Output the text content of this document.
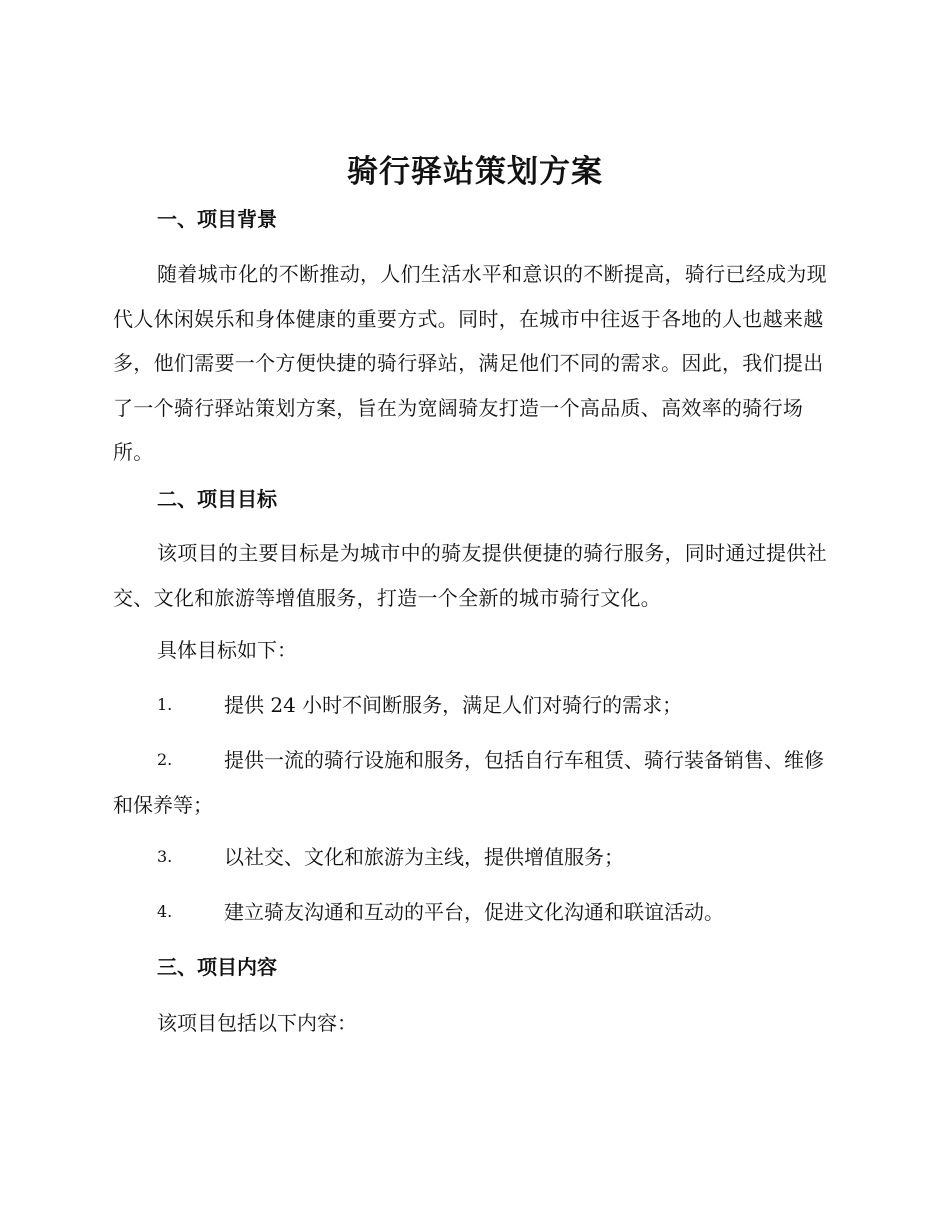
骑行驿站策划方案
一、项目背景

随着城市化的不断推动，人们生活水平和意识的不断提高，骑行已经成为现代人休闲娱乐和身体健康的重要方式。同时，在城市中往返于各地的人也越来越多，他们需要一个方便快捷的骑行驿站，满足他们不同的需求。因此，我们提出了一个骑行驿站策划方案，旨在为宽阔骑友打造一个高品质、高效率的骑行场所。

二、项目目标

该项目的主要目标是为城市中的骑友提供便捷的骑行服务，同时通过提供社交、文化和旅游等增值服务，打造一个全新的城市骑行文化。

具体目标如下：

1.	提供 24 小时不间断服务，满足人们对骑行的需求；
2.	提供一流的骑行设施和服务，包括自行车租赁、骑行装备销售、维修和保养等；
3.	以社交、文化和旅游为主线，提供增值服务；
4.	建立骑友沟通和互动的平台，促进文化沟通和联谊活动。
三、项目内容

该项目包括以下内容：
